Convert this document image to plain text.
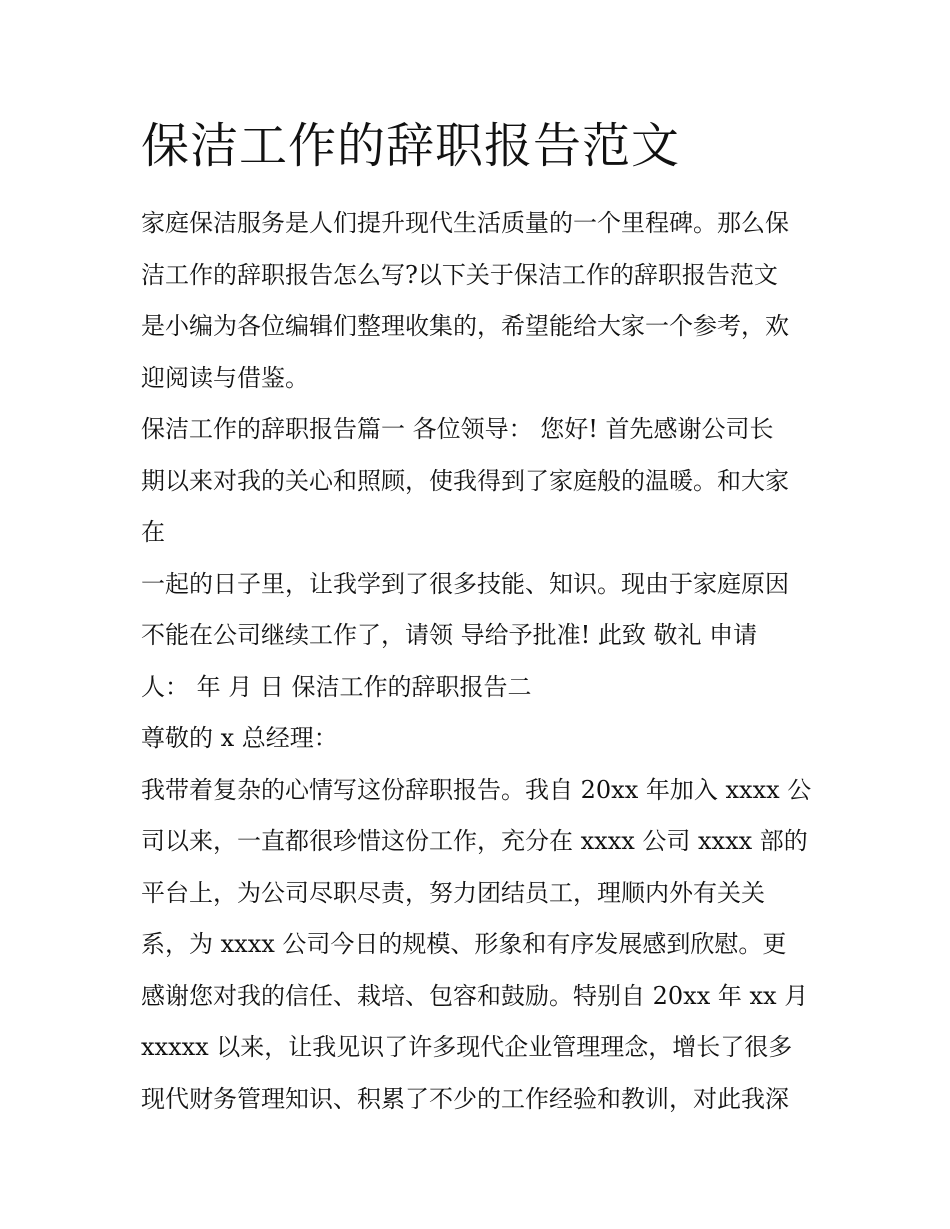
保洁工作的辞职报告范文
家庭保洁服务是人们提升现代生活质量的一个里程碑。那么保
洁工作的辞职报告怎么写?以下关于保洁工作的辞职报告范文
是小编为各位编辑们整理收集的，希望能给大家一个参考，欢
迎阅读与借鉴。
保洁工作的辞职报告篇一 各位领导： 您好! 首先感谢公司长
期以来对我的关心和照顾，使我得到了家庭般的温暖。和大家
在
一起的日子里，让我学到了很多技能、知识。现由于家庭原因
不能在公司继续工作了，请领 导给予批准! 此致 敬礼 申请
人： 年 月 日 保洁工作的辞职报告二
尊敬的 x 总经理：
我带着复杂的心情写这份辞职报告。我自 20xx 年加入 xxxx 公
司以来，一直都很珍惜这份工作，充分在 xxxx 公司 xxxx 部的
平台上，为公司尽职尽责，努力团结员工，理顺内外有关关
系，为 xxxx 公司今日的规模、形象和有序发展感到欣慰。更
感谢您对我的信任、栽培、包容和鼓励。特别自 20xx 年 xx 月
xxxxx 以来，让我见识了许多现代企业管理理念，增长了很多
现代财务管理知识、积累了不少的工作经验和教训，对此我深
